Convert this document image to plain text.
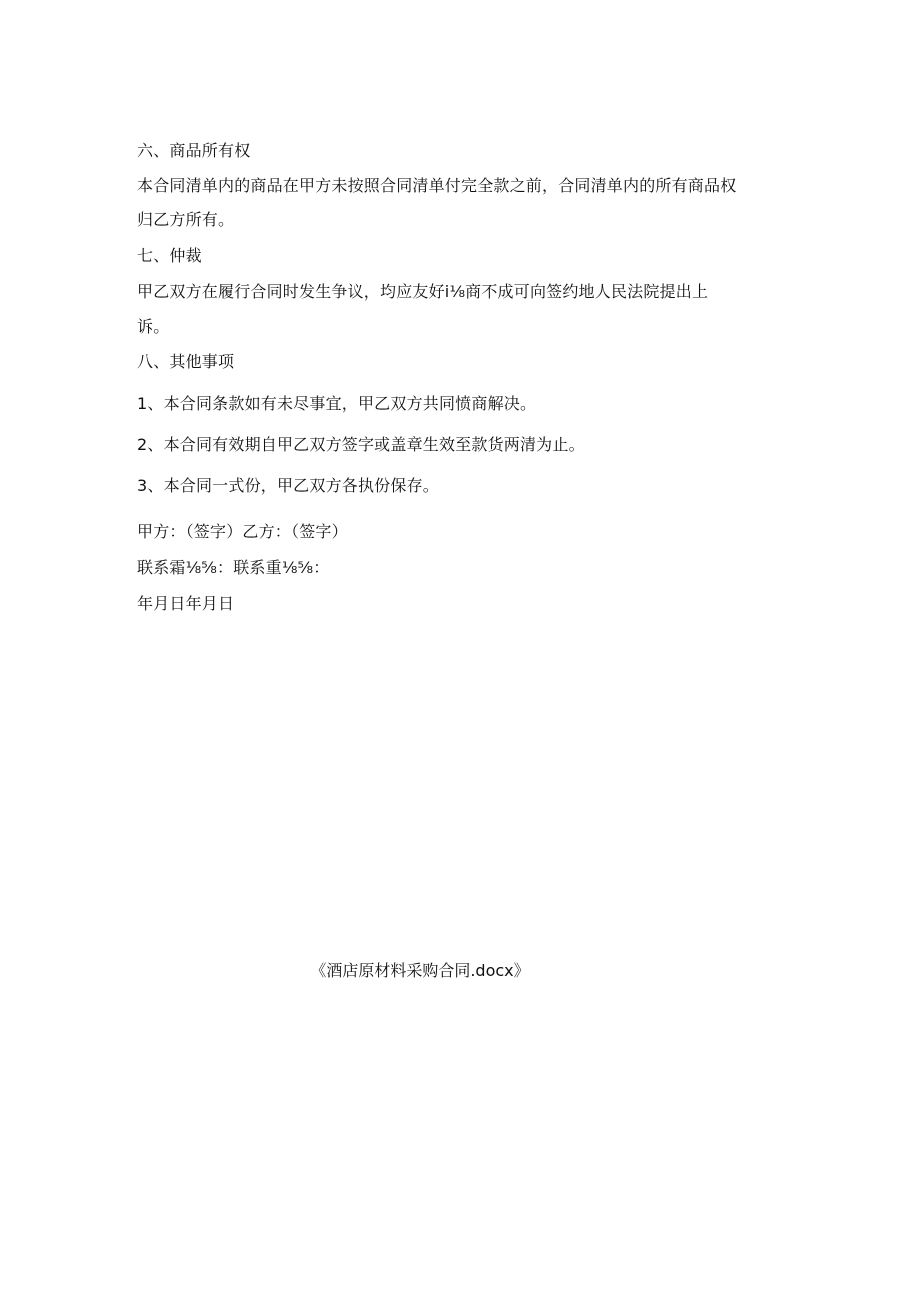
六、商品所有权
本合同清单内的商品在甲方未按照合同清单付完全款之前，合同清单内的所有商品权
归乙方所有。
七、仲裁
甲乙双方在履行合同时发生争议，均应友好i⅛商不成可向签约地人民法院提出上
诉。
八、其他事项
1、本合同条款如有未尽事宜，甲乙双方共同愤商解决。
2、本合同有效期自甲乙双方签字或盖章生效至款货两清为止。
3、本合同一式份，甲乙双方各执份保存。
甲方：（签字）乙方：（签字）
联系霜⅛⅝：联系重⅛⅝：
年月日年月日
《酒店原材料采购合同.docx》
